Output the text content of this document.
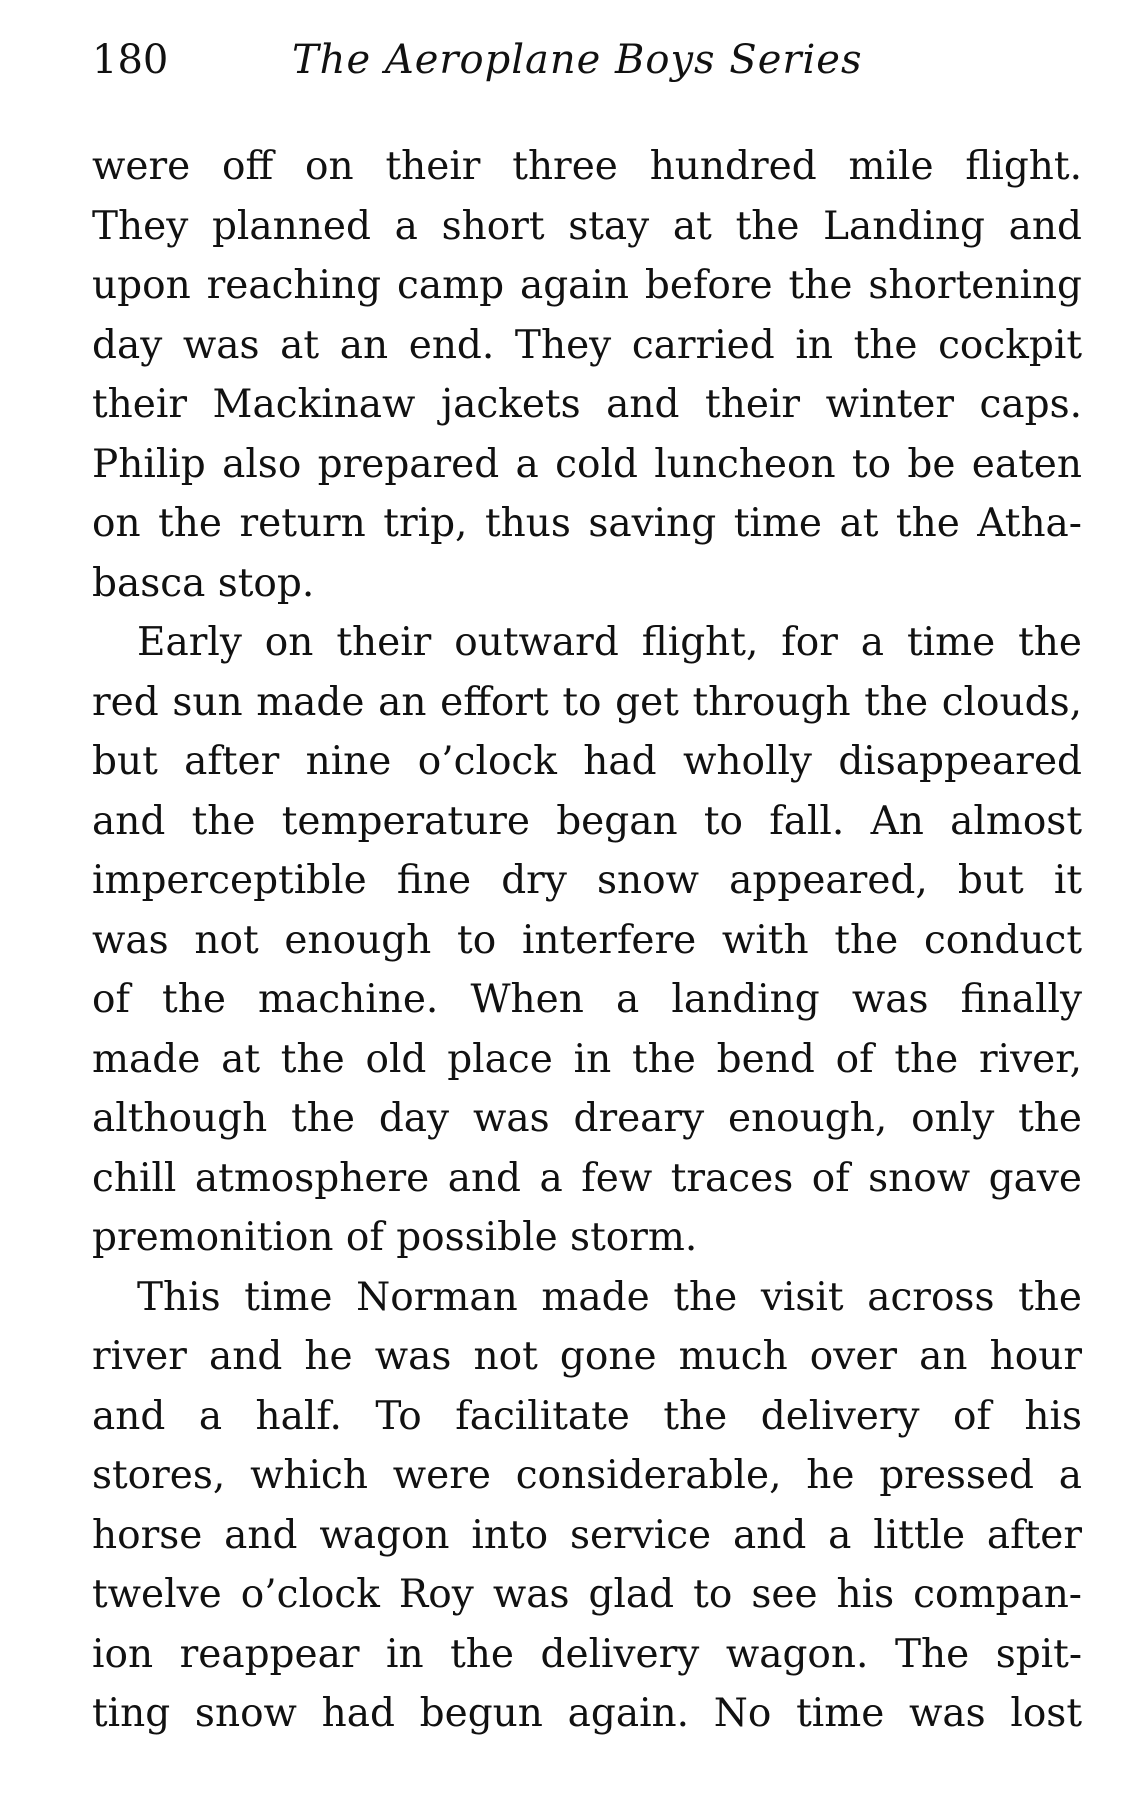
180	The Aeroplane Boys Series
were off on their three hundred mile flight.
They planned a short stay at the Landing and
upon reaching camp again before the shortening
day was at an end. They carried in the cockpit
their Mackinaw jackets and their winter caps.
Philip also prepared a cold luncheon to be eaten
on the return trip, thus saving time at the Atha-
basca stop.
Early on their outward flight, for a time the
red sun made an effort to get through the clouds,
but after nine o’clock had wholly disappeared
and the temperature began to fall. An almost
imperceptible fine dry snow appeared, but it
was not enough to interfere with the conduct
of the machine. When a landing was finally
made at the old place in the bend of the river,
although the day was dreary enough, only the
chill atmosphere and a few traces of snow gave
premonition of possible storm.
This time Norman made the visit across the
river and he was not gone much over an hour
and a half. To facilitate the delivery of his
stores, which were considerable, he pressed a
horse and wagon into service and a little after
twelve o’clock Roy was glad to see his compan-
ion reappear in the delivery wagon. The spit-
ting snow had begun again. No time was lost
